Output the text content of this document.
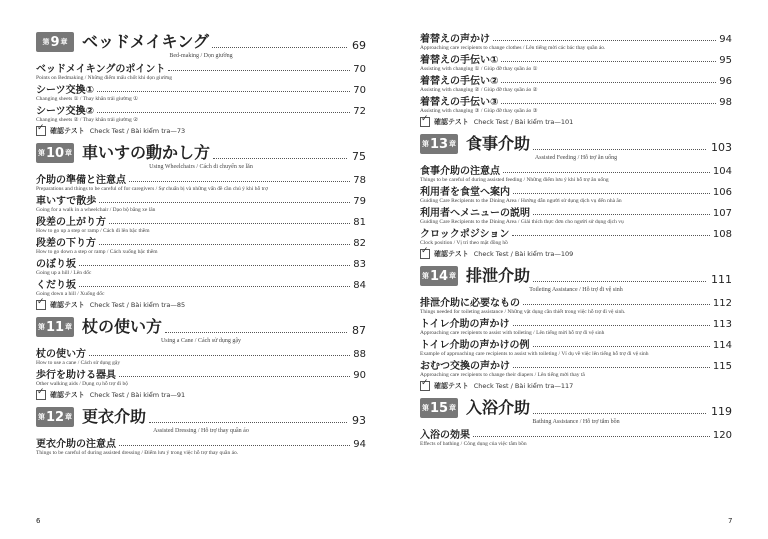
第 9 章 ベッドメイキング	69
Bed-making / Dọn giường
ベッドメイキングのポイント	70
Points on Bedmaking / Những điểm mấu chốt khi dọn giường
シーツ交換①	70
Changing sheets ① / Thay khăn trải giường ①
シーツ交換②	72
Changing sheets ② / Thay khăn trải giường ②
✓
確認テスト Check Test / Bài kiểm tra — 73
第 10 章 車いすの動かし方	75
Using Wheelchairs / Cách di chuyển xe lăn
介助の準備と注意点	78
Preparations and things to be careful of for caregivers / Sự chuẩn bị và những vấn đề cần chú ý khi hỗ trợ
車いすで散歩	79
Going for a walk in a wheelchair / Dạo bộ bằng xe lăn
段差の上がり方	81
How to go up a step or ramp / Cách đi lên bậc thềm
段差の下り方	82
How to go down a step or ramp / Cách xuống bậc thềm
のぼり坂	83
Going up a hill / Lên dốc
くだり坂	84
Going down a hill / Xuống dốc
✓
確認テスト Check Test / Bài kiểm tra — 85
第 11 章 杖の使い方	87
Using a Cane / Cách sử dụng gậy
杖の使い方	88
How to use a cane / Cách sử dụng gậy
歩行を助ける器具	90
Other walking aids / Dụng cụ hỗ trợ đi bộ
✓
確認テスト Check Test / Bài kiểm tra — 91
第 12 章 更衣介助	93
Assisted Dressing / Hỗ trợ thay quần áo
更衣介助の注意点	94
Things to be careful of during assisted dressing / Điểm lưu ý trong việc hỗ trợ thay quần áo.
着替えの声かけ	94
Approaching care recipients to change clothes / Lên tiếng mời các bác thay quần áo.
着替えの手伝い①	95
Assisting with changing ① / Giúp đỡ thay quần áo ①
着替えの手伝い②	96
Assisting with changing ② / Giúp đỡ thay quần áo ②
着替えの手伝い③	98
Assisting with changing ③ / Giúp đỡ thay quần áo ③
✓
確認テスト Check Test / Bài kiểm tra — 101
第 13 章 食事介助	103
Assisted Feeding / Hỗ trợ ăn uống
食事介助の注意点	104
Things to be careful of during assisted feeding / Những điểm lưu ý khi hỗ trợ ăn uống
利用者を食堂へ案内	106
Guiding Care Recipients to the Dining Area / Hướng dẫn người sử dụng dịch vụ đến nhà ăn
利用者へメニューの説明	107
Guiding Care Recipients to the Dining Area / Giải thích thực đơn cho người sử dụng dịch vụ
クロックポジション	108
Clock position / Vị trí theo mặt đồng hồ
✓
確認テスト Check Test / Bài kiểm tra — 109
第 14 章 排泄介助	111
Toileting Assistance / Hỗ trợ đi vệ sinh
排泄介助に必要なもの	112
Things needed for toileting assistance / Những vật dụng cần thiết trong việc hỗ trợ đi vệ sinh.
トイレ介助の声かけ	113
Approaching care recipients to assist with toileting / Lên tiếng mời hỗ trợ đi vệ sinh
トイレ介助の声かけの例	114
Example of approaching care recipients to assist with toileting / Ví dụ về việc lên tiếng hỗ trợ đi vệ sinh
おむつ交換の声かけ	115
Approaching care recipients to change their diapers / Lên tiếng mời thay tã
✓
確認テスト Check Test / Bài kiểm tra — 117
第 15 章 入浴介助	119
Bathing Assistance / Hỗ trợ tắm bồn
入浴の効果	120
Effects of bathing / Công dụng của việc tắm bồn
6	7
